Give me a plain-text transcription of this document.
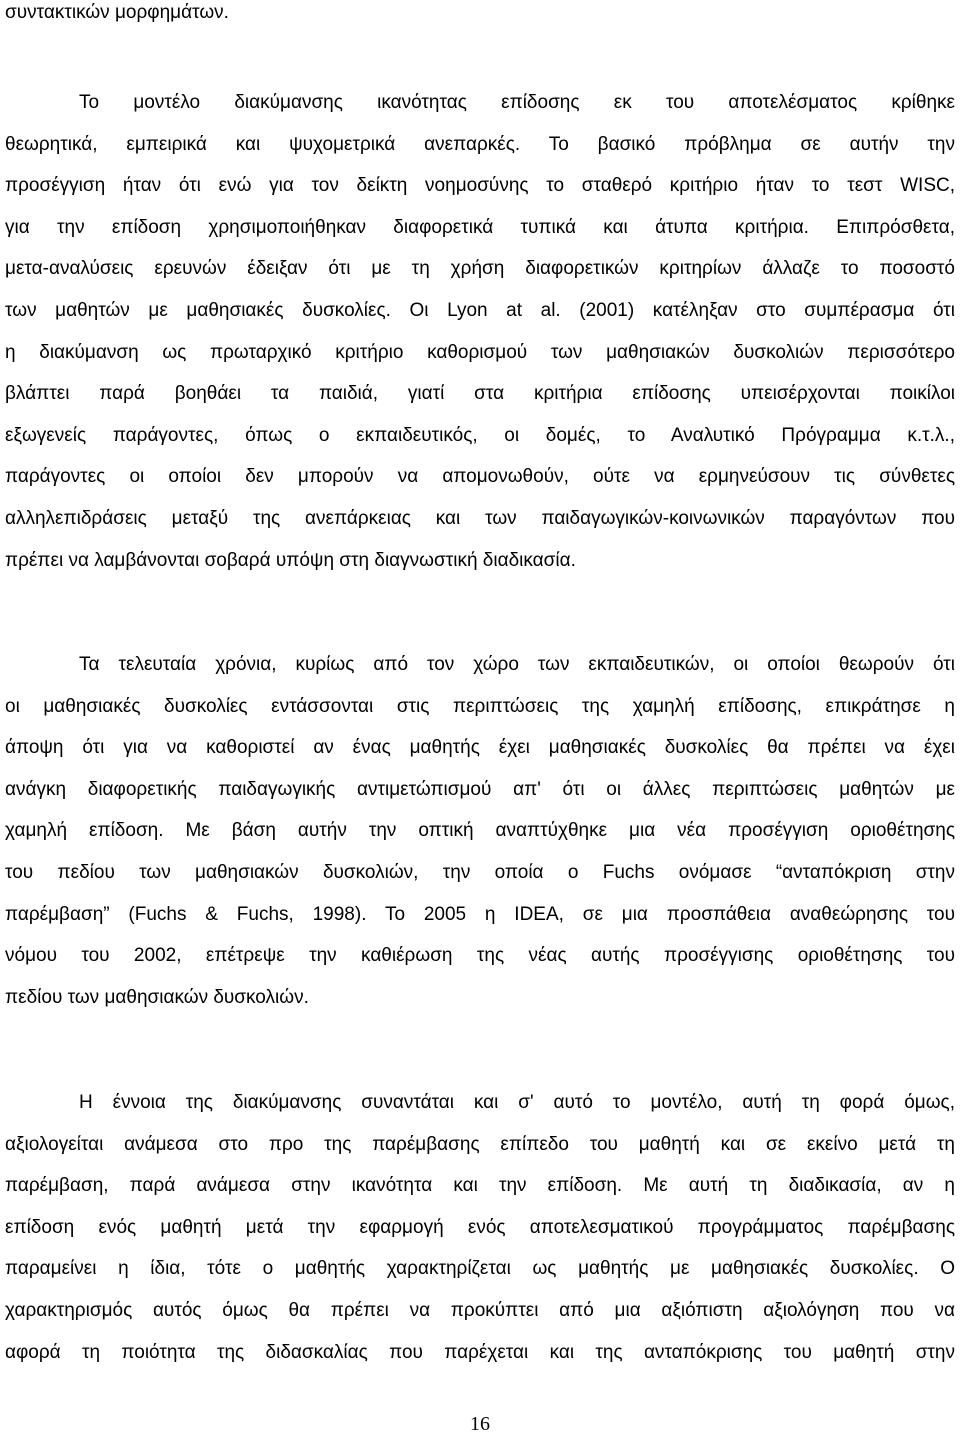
συντακτικών μορφημάτων.
Το μοντέλο διακύμανσης ικανότητας επίδοσης εκ του αποτελέσματος κρίθηκε
θεωρητικά, εμπειρικά και ψυχομετρικά ανεπαρκές. Το βασικό πρόβλημα σε αυτήν την
προσέγγιση ήταν ότι ενώ για τον δείκτη νοημοσύνης το σταθερό κριτήριο ήταν το τεστ WISC,
για την επίδοση χρησιμοποιήθηκαν διαφορετικά τυπικά και άτυπα κριτήρια. Επιπρόσθετα,
μετα-αναλύσεις ερευνών έδειξαν ότι με τη χρήση διαφορετικών κριτηρίων άλλαζε το ποσοστό
των μαθητών με μαθησιακές δυσκολίες. Οι Lyon at al. (2001) κατέληξαν στο συμπέρασμα ότι
η διακύμανση ως πρωταρχικό κριτήριο καθορισμού των μαθησιακών δυσκολιών περισσότερο
βλάπτει παρά βοηθάει τα παιδιά, γιατί στα κριτήρια επίδοσης υπεισέρχονται ποικίλοι
εξωγενείς παράγοντες, όπως ο εκπαιδευτικός, οι δομές, το Αναλυτικό Πρόγραμμα κ.τ.λ.,
παράγοντες οι οποίοι δεν μπορούν να απομονωθούν, ούτε να ερμηνεύσουν τις σύνθετες
αλληλεπιδράσεις μεταξύ της ανεπάρκειας και των παιδαγωγικών-κοινωνικών παραγόντων που
πρέπει να λαμβάνονται σοβαρά υπόψη στη διαγνωστική διαδικασία.
Τα τελευταία χρόνια, κυρίως από τον χώρο των εκπαιδευτικών, οι οποίοι θεωρούν ότι
οι μαθησιακές δυσκολίες εντάσσονται στις περιπτώσεις της χαμηλή επίδοσης, επικράτησε η
άποψη ότι για να καθοριστεί αν ένας μαθητής έχει μαθησιακές δυσκολίες θα πρέπει να έχει
ανάγκη διαφορετικής παιδαγωγικής αντιμετώπισμού απ' ότι οι άλλες περιπτώσεις μαθητών με
χαμηλή επίδοση. Με βάση αυτήν την οπτική αναπτύχθηκε μια νέα προσέγγιση οριοθέτησης
του πεδίου των μαθησιακών δυσκολιών, την οποία ο Fuchs ονόμασε “ανταπόκριση στην
παρέμβαση” (Fuchs & Fuchs, 1998). Το 2005 η IDEA, σε μια προσπάθεια αναθεώρησης του
νόμου του 2002, επέτρεψε την καθιέρωση της νέας αυτής προσέγγισης οριοθέτησης του
πεδίου των μαθησιακών δυσκολιών.
Η έννοια της διακύμανσης συναντάται και σ' αυτό το μοντέλο, αυτή τη φορά όμως,
αξιολογείται ανάμεσα στο προ της παρέμβασης επίπεδο του μαθητή και σε εκείνο μετά τη
παρέμβαση, παρά ανάμεσα στην ικανότητα και την επίδοση. Με αυτή τη διαδικασία, αν η
επίδοση ενός μαθητή μετά την εφαρμογή ενός αποτελεσματικού προγράμματος παρέμβασης
παραμείνει η ίδια, τότε ο μαθητής χαρακτηρίζεται ως μαθητής με μαθησιακές δυσκολίες. Ο
χαρακτηρισμός αυτός όμως θα πρέπει να προκύπτει από μια αξιόπιστη αξιολόγηση που να
αφορά τη ποιότητα της διδασκαλίας που παρέχεται και της ανταπόκρισης του μαθητή στην
16
